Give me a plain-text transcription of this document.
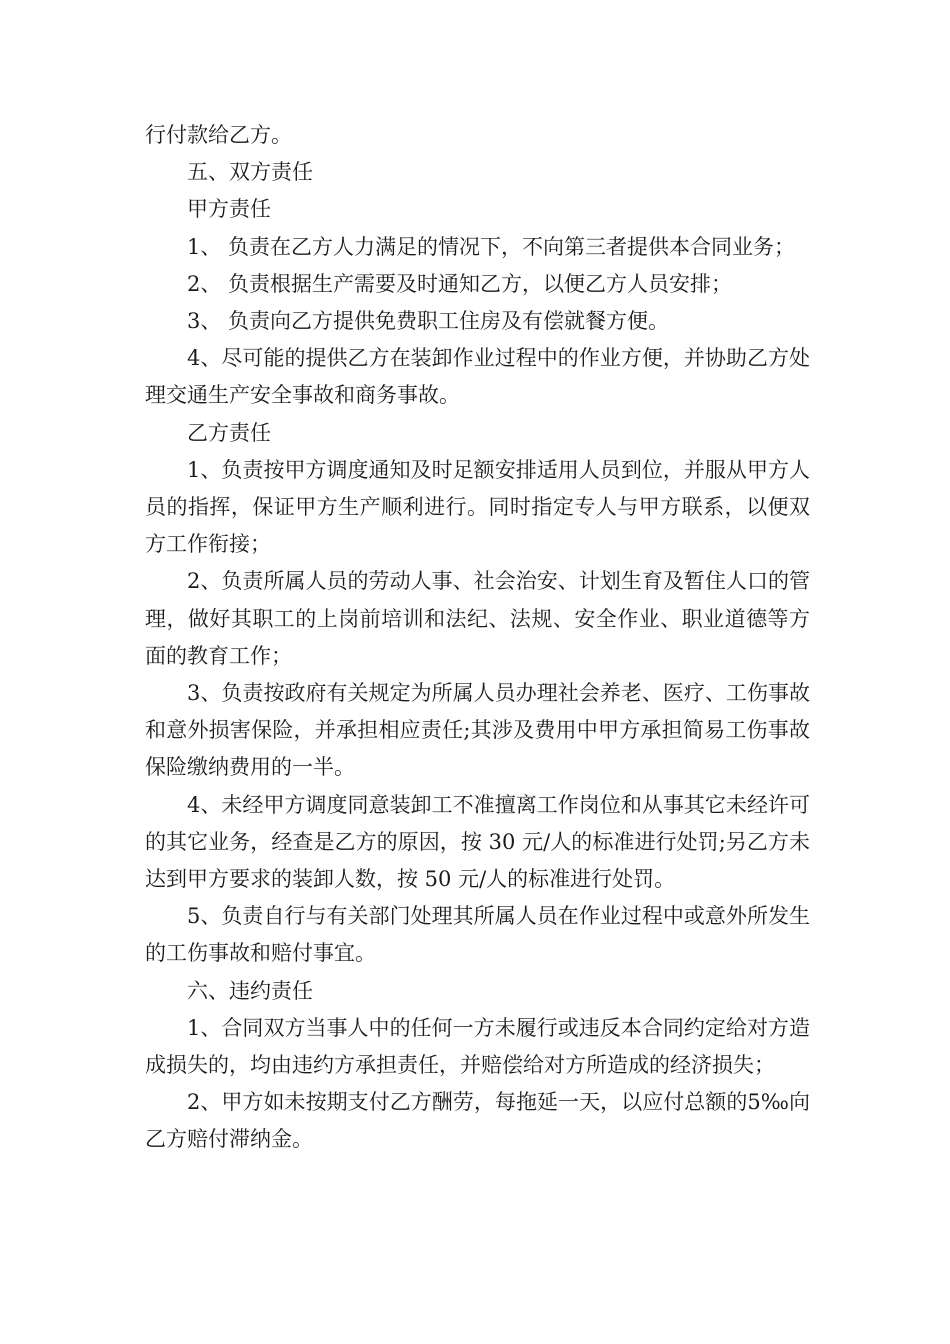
行付款给乙方。

五、双方责任

甲方责任

1、 负责在乙方人力满足的情况下，不向第三者提供本合同业务；

2、 负责根据生产需要及时通知乙方，以便乙方人员安排；

3、 负责向乙方提供免费职工住房及有偿就餐方便。

4、尽可能的提供乙方在装卸作业过程中的作业方便，并协助乙方处理交通生产安全事故和商务事故。

乙方责任

1、负责按甲方调度通知及时足额安排适用人员到位，并服从甲方人员的指挥，保证甲方生产顺利进行。同时指定专人与甲方联系，以便双方工作衔接；

2、负责所属人员的劳动人事、社会治安、计划生育及暂住人口的管理，做好其职工的上岗前培训和法纪、法规、安全作业、职业道德等方面的教育工作；

3、负责按政府有关规定为所属人员办理社会养老、医疗、工伤事故和意外损害保险，并承担相应责任;其涉及费用中甲方承担简易工伤事故保险缴纳费用的一半。

4、未经甲方调度同意装卸工不准擅离工作岗位和从事其它未经许可的其它业务，经查是乙方的原因，按 30 元/人的标准进行处罚;另乙方未达到甲方要求的装卸人数，按 50 元/人的标准进行处罚。

5、负责自行与有关部门处理其所属人员在作业过程中或意外所发生的工伤事故和赔付事宜。

六、违约责任

1、合同双方当事人中的任何一方未履行或违反本合同约定给对方造成损失的，均由违约方承担责任，并赔偿给对方所造成的经济损失；

2、甲方如未按期支付乙方酬劳，每拖延一天，以应付总额的5‰向乙方赔付滞纳金。
